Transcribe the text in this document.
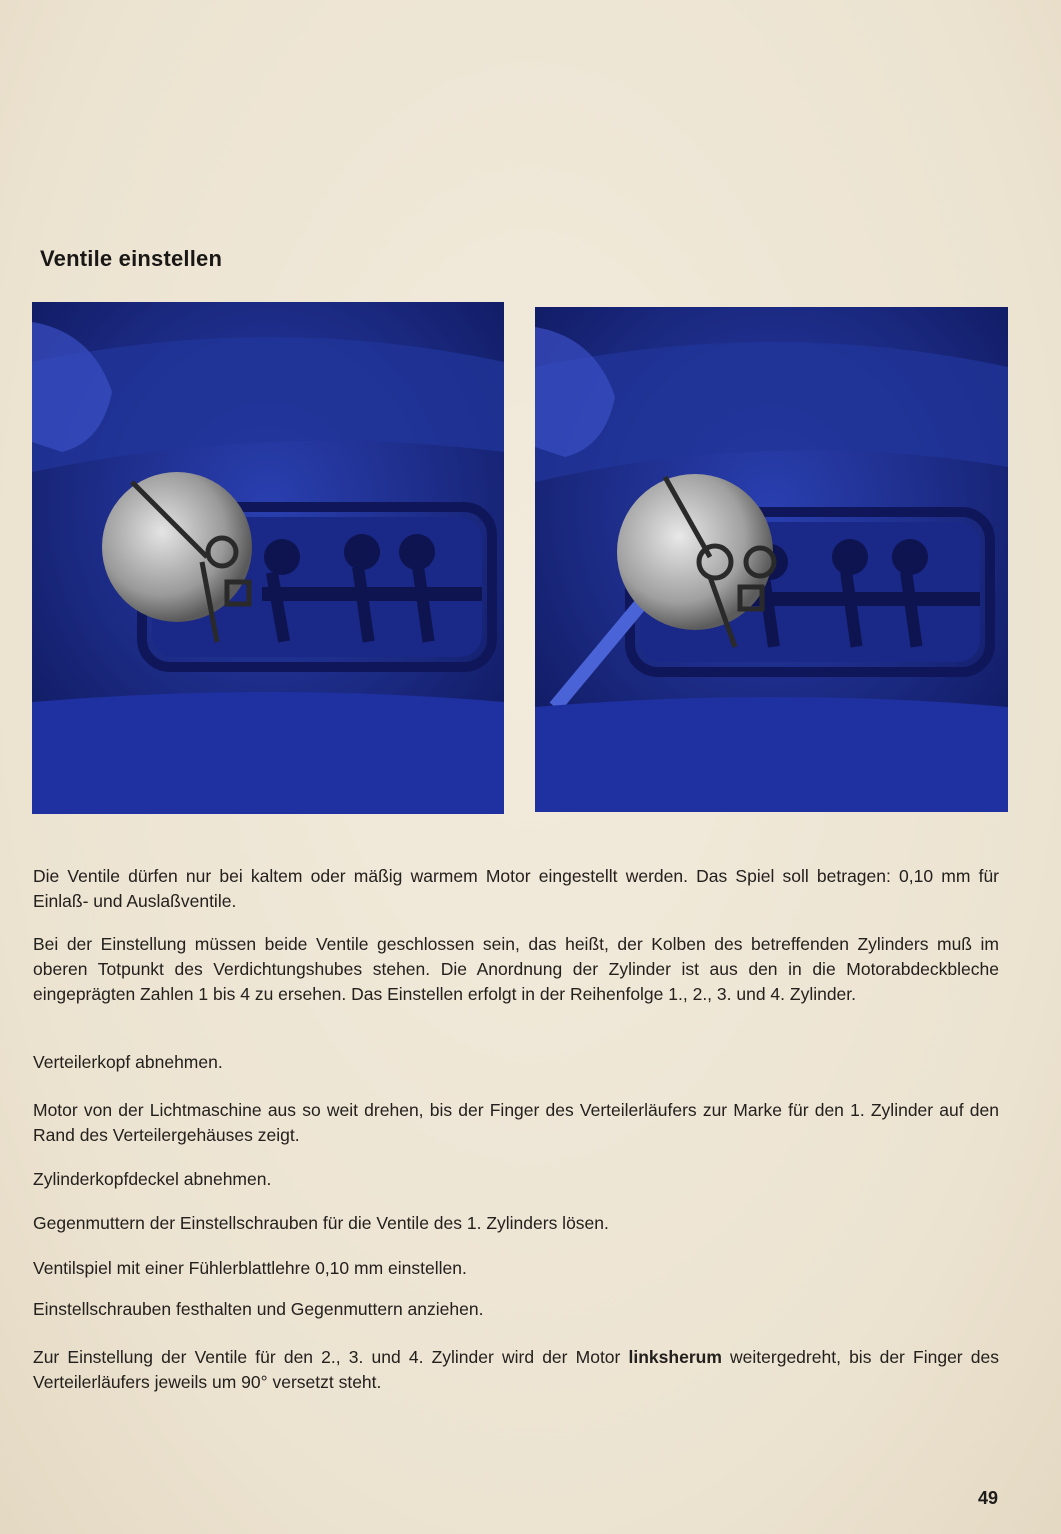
Ventile einstellen

Die Ventile dürfen nur bei kaltem oder mäßig warmem Motor eingestellt werden. Das Spiel soll betragen: 0,10 mm für Einlaß- und Auslaßventile.

Bei der Einstellung müssen beide Ventile geschlossen sein, das heißt, der Kolben des betreffenden Zylinders muß im oberen Totpunkt des Verdichtungshubes stehen. Die Anordnung der Zylinder ist aus den in die Motorabdeckbleche eingeprägten Zahlen 1 bis 4 zu ersehen. Das Einstellen erfolgt in der Reihenfolge 1., 2., 3. und 4. Zylinder.

Verteilerkopf abnehmen.

Motor von der Lichtmaschine aus so weit drehen, bis der Finger des Verteilerläufers zur Marke für den 1. Zylinder auf den Rand des Verteilergehäuses zeigt.

Zylinderkopfdeckel abnehmen.

Gegenmuttern der Einstellschrauben für die Ventile des 1. Zylinders lösen.

Ventilspiel mit einer Fühlerblattlehre 0,10 mm einstellen.

Einstellschrauben festhalten und Gegenmuttern anziehen.

Zur Einstellung der Ventile für den 2., 3. und 4. Zylinder wird der Motor linksherum weitergedreht, bis der Finger des Verteilerläufers jeweils um 90° versetzt steht.

49
